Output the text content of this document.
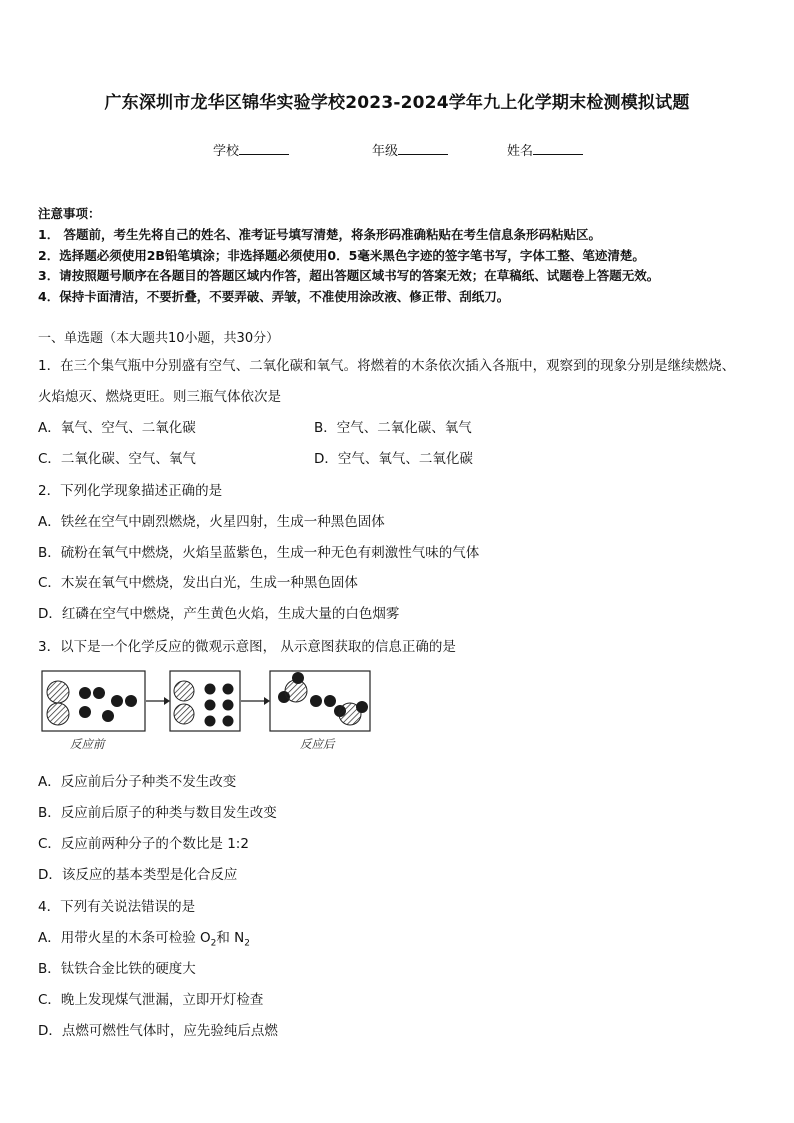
广东深圳市龙华区锦华实验学校2023-2024学年九上化学期末检测模拟试题
学校	年级	姓名
注意事项：
1． 答题前，考生先将自己的姓名、准考证号填写清楚，将条形码准确粘贴在考生信息条形码粘贴区。
2．选择题必须使用2B铅笔填涂；非选择题必须使用0．5毫米黑色字迹的签字笔书写，字体工整、笔迹清楚。
3．请按照题号顺序在各题目的答题区域内作答，超出答题区域书写的答案无效；在草稿纸、试题卷上答题无效。
4．保持卡面清洁，不要折叠，不要弄破、弄皱，不准使用涂改液、修正带、刮纸刀。
一、单选题（本大题共10小题，共30分）
1．在三个集气瓶中分别盛有空气、二氧化碳和氧气。将燃着的木条依次插入各瓶中，观察到的现象分别是继续燃烧、
火焰熄灭、燃烧更旺。则三瓶气体依次是
A．氧气、空气、二氧化碳	B．空气、二氧化碳、氧气
C．二氧化碳、空气、氧气	D．空气、氧气、二氧化碳
2．下列化学现象描述正确的是
A．铁丝在空气中剧烈燃烧，火星四射，生成一种黑色固体
B．硫粉在氧气中燃烧，火焰呈蓝紫色，生成一种无色有刺激性气味的气体
C．木炭在氧气中燃烧，发出白光，生成一种黑色固体
D．红磷在空气中燃烧，产生黄色火焰，生成大量的白色烟雾
3．以下是一个化学反应的微观示意图， 从示意图获取的信息正确的是
反应前	反应后
A．反应前后分子种类不发生改变
B．反应前后原子的种类与数目发生改变
C．反应前两种分子的个数比是 1:2
D．该反应的基本类型是化合反应
4．下列有关说法错误的是
A．用带火星的木条可检验 $O_2$和 $N_2$
B．钛铁合金比铁的硬度大
C．晚上发现煤气泄漏，立即开灯检查
D．点燃可燃性气体时，应先验纯后点燃
